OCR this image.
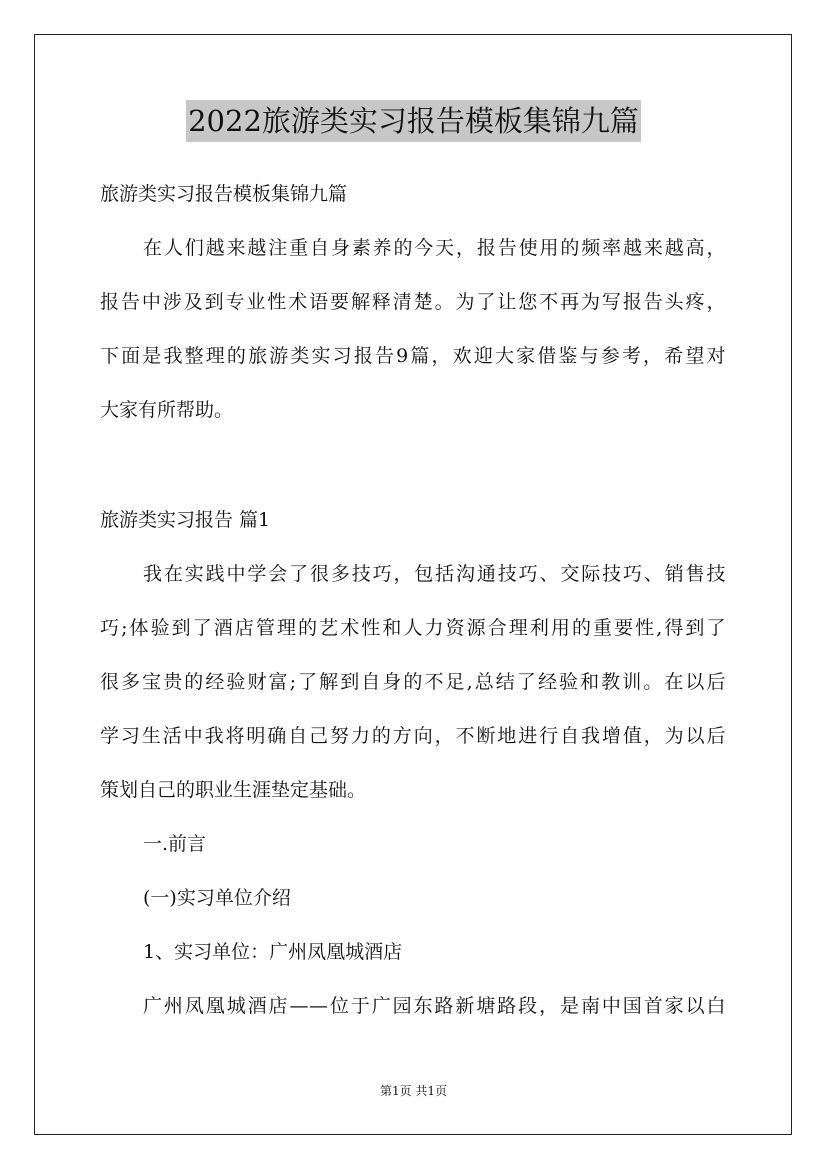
2022旅游类实习报告模板集锦九篇
旅游类实习报告模板集锦九篇
在人们越来越注重自身素养的今天，报告使用的频率越来越高，
报告中涉及到专业性术语要解释清楚。为了让您不再为写报告头疼，
下面是我整理的旅游类实习报告9篇，欢迎大家借鉴与参考，希望对
大家有所帮助。
旅游类实习报告 篇1
我在实践中学会了很多技巧，包括沟通技巧、交际技巧、销售技
巧;体验到了酒店管理的艺术性和人力资源合理利用的重要性,得到了
很多宝贵的经验财富;了解到自身的不足,总结了经验和教训。在以后
学习生活中我将明确自己努力的方向，不断地进行自我增值，为以后
策划自己的职业生涯垫定基础。
一.前言
(一)实习单位介绍
1、实习单位：广州凤凰城酒店
广州凤凰城酒店——位于广园东路新塘路段，是南中国首家以白
第1页 共1页
